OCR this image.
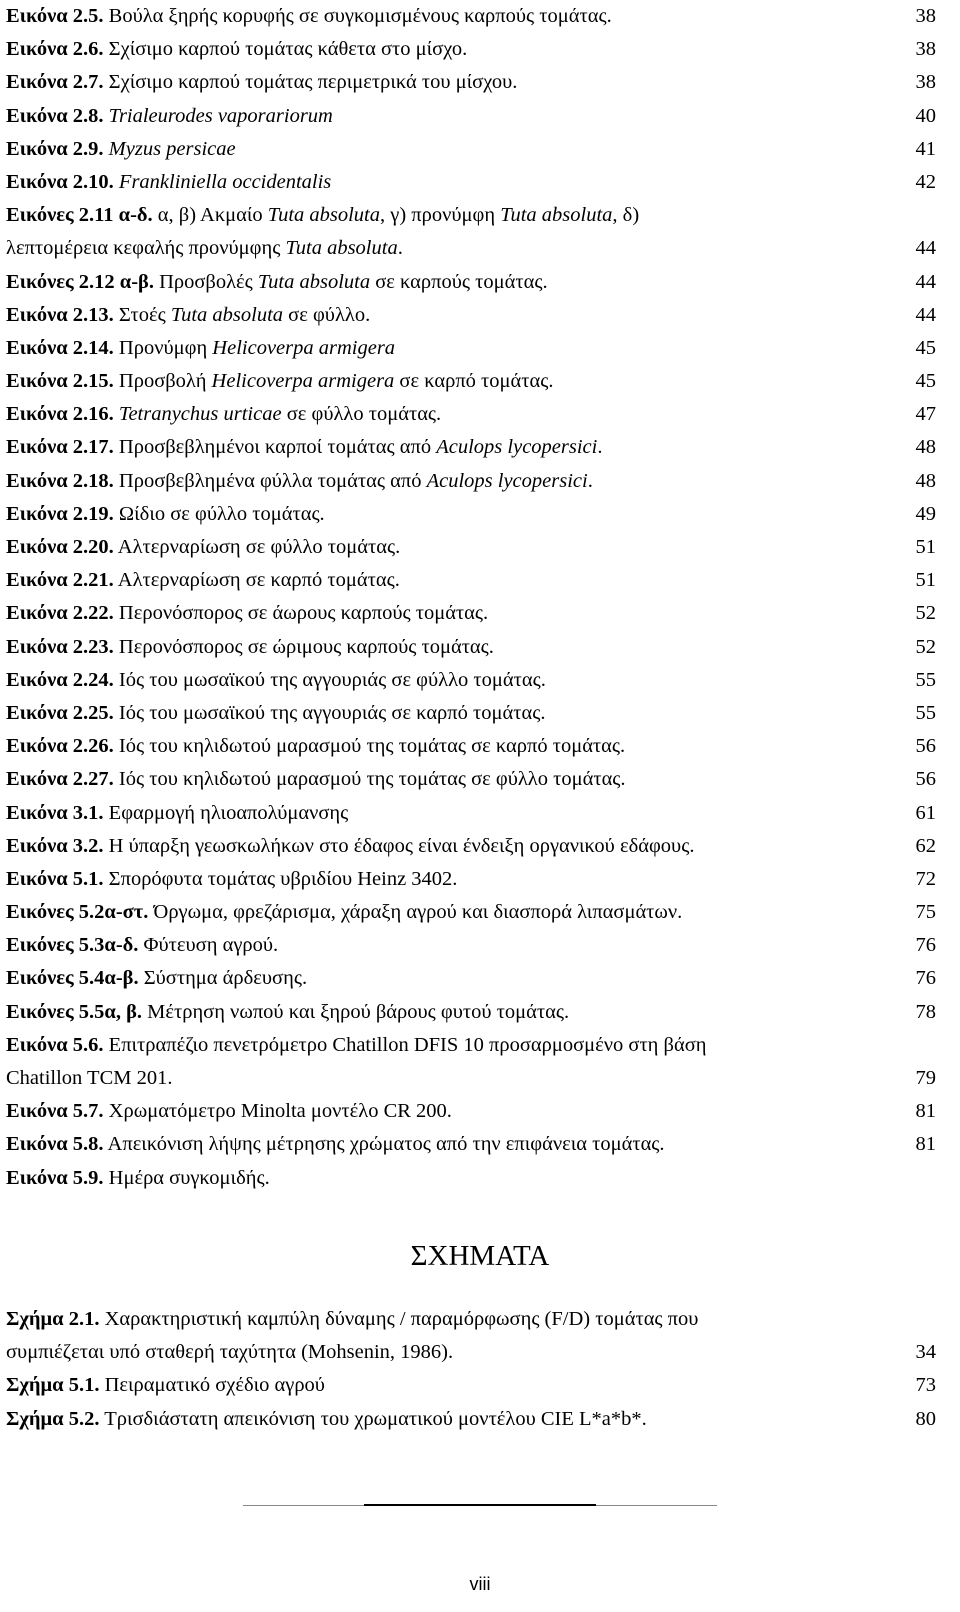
Εικόνα 2.5. Βούλα ξηρής κορυφής σε συγκομισμένους καρπούς τομάτας.	38
Εικόνα 2.6. Σχίσιμο καρπού τομάτας κάθετα στο μίσχο.	38
Εικόνα 2.7. Σχίσιμο καρπού τομάτας περιμετρικά του μίσχου.	38
Εικόνα 2.8. Trialeurodes vaporariorum	40
Εικόνα 2.9. Myzus persicae	41
Εικόνα 2.10. Frankliniella occidentalis	42
Εικόνες 2.11 α-δ. α, β) Ακμαίο Tuta absoluta, γ) προνύμφη Tuta absoluta, δ)
λεπτομέρεια κεφαλής προνύμφης Tuta absoluta.	44
Εικόνες 2.12 α-β. Προσβολές Tuta absoluta σε καρπούς τομάτας.	44
Εικόνα 2.13. Στοές Tuta absoluta σε φύλλο.	44
Εικόνα 2.14. Προνύμφη Helicoverpa armigera	45
Εικόνα 2.15. Προσβολή Helicoverpa armigera σε καρπό τομάτας.	45
Εικόνα 2.16. Tetranychus urticae σε φύλλο τομάτας.	47
Εικόνα 2.17. Προσβεβλημένοι καρποί τομάτας από Aculops lycopersici.	48
Εικόνα 2.18. Προσβεβλημένα φύλλα τομάτας από Aculops lycopersici.	48
Εικόνα 2.19. Ωίδιο σε φύλλο τομάτας.	49
Εικόνα 2.20. Αλτερναρίωση σε φύλλο τομάτας.	51
Εικόνα 2.21. Αλτερναρίωση σε καρπό τομάτας.	51
Εικόνα 2.22. Περονόσπορος σε άωρους καρπούς τομάτας.	52
Εικόνα 2.23. Περονόσπορος σε ώριμους καρπούς τομάτας.	52
Εικόνα 2.24. Ιός του μωσαϊκού της αγγουριάς σε φύλλο τομάτας.	55
Εικόνα 2.25. Ιός του μωσαϊκού της αγγουριάς σε καρπό τομάτας.	55
Εικόνα 2.26. Ιός του κηλιδωτού μαρασμού της τομάτας σε καρπό τομάτας.	56
Εικόνα 2.27. Ιός του κηλιδωτού μαρασμού της τομάτας σε φύλλο τομάτας.	56
Εικόνα 3.1. Εφαρμογή ηλιοαπολύμανσης	61
Εικόνα 3.2. Η ύπαρξη γεωσκωλήκων στο έδαφος είναι ένδειξη οργανικού εδάφους.	62
Εικόνα 5.1. Σπορόφυτα τομάτας υβριδίου Heinz 3402.	72
Εικόνες 5.2α-στ. Όργωμα, φρεζάρισμα, χάραξη αγρού και διασπορά λιπασμάτων.	75
Εικόνες 5.3α-δ. Φύτευση αγρού.	76
Εικόνες 5.4α-β. Σύστημα άρδευσης.	76
Εικόνες 5.5α, β. Μέτρηση νωπού και ξηρού βάρους φυτού τομάτας.	78
Εικόνα 5.6. Επιτραπέζιο πενετρόμετρο Chatillon DFIS 10 προσαρμοσμένο στη βάση
Chatillon TCM 201.	79
Εικόνα 5.7. Χρωματόμετρο Minolta μοντέλο CR 200.	81
Εικόνα 5.8. Απεικόνιση λήψης μέτρησης χρώματος από την επιφάνεια τομάτας.	81
Εικόνα 5.9. Ημέρα συγκομιδής.
ΣΧΗΜΑΤΑ
Σχήμα 2.1. Χαρακτηριστική καμπύλη δύναμης / παραμόρφωσης (F/D) τομάτας που
συμπιέζεται υπό σταθερή ταχύτητα (Mohsenin, 1986).	34
Σχήμα 5.1. Πειραματικό σχέδιο αγρού	73
Σχήμα 5.2. Τρισδιάστατη απεικόνιση του χρωματικού μοντέλου CIE L*a*b*.	80
viii
